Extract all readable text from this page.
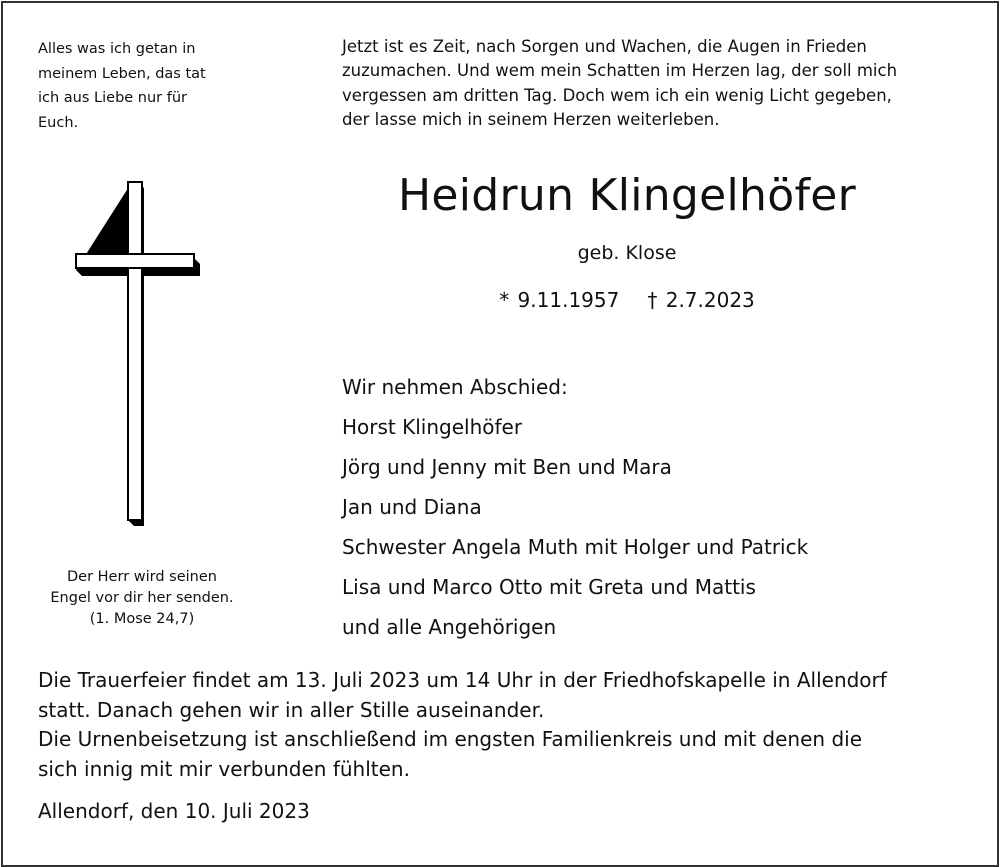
Alles was ich getan in
meinem Leben, das tat
ich aus Liebe nur für
Euch.
Der Herr wird seinen
Engel vor dir her senden.
(1. Mose 24,7)
Jetzt ist es Zeit, nach Sorgen und Wachen, die Augen in Frieden
zuzumachen. Und wem mein Schatten im Herzen lag, der soll mich
vergessen am dritten Tag. Doch wem ich ein wenig Licht gegeben,
der lasse mich in seinem Herzen weiterleben.
Heidrun Klingelhöfer
geb. Klose
* 9.11.1957 † 2.7.2023
Wir nehmen Abschied:
Horst Klingelhöfer
Jörg und Jenny mit Ben und Mara
Jan und Diana
Schwester Angela Muth mit Holger und Patrick
Lisa und Marco Otto mit Greta und Mattis
und alle Angehörigen
Die Trauerfeier findet am 13. Juli 2023 um 14 Uhr in der Friedhofskapelle in Allendorf
statt. Danach gehen wir in aller Stille auseinander.
Die Urnenbeisetzung ist anschließend im engsten Familienkreis und mit denen die
sich innig mit mir verbunden fühlten.
Allendorf, den 10. Juli 2023
